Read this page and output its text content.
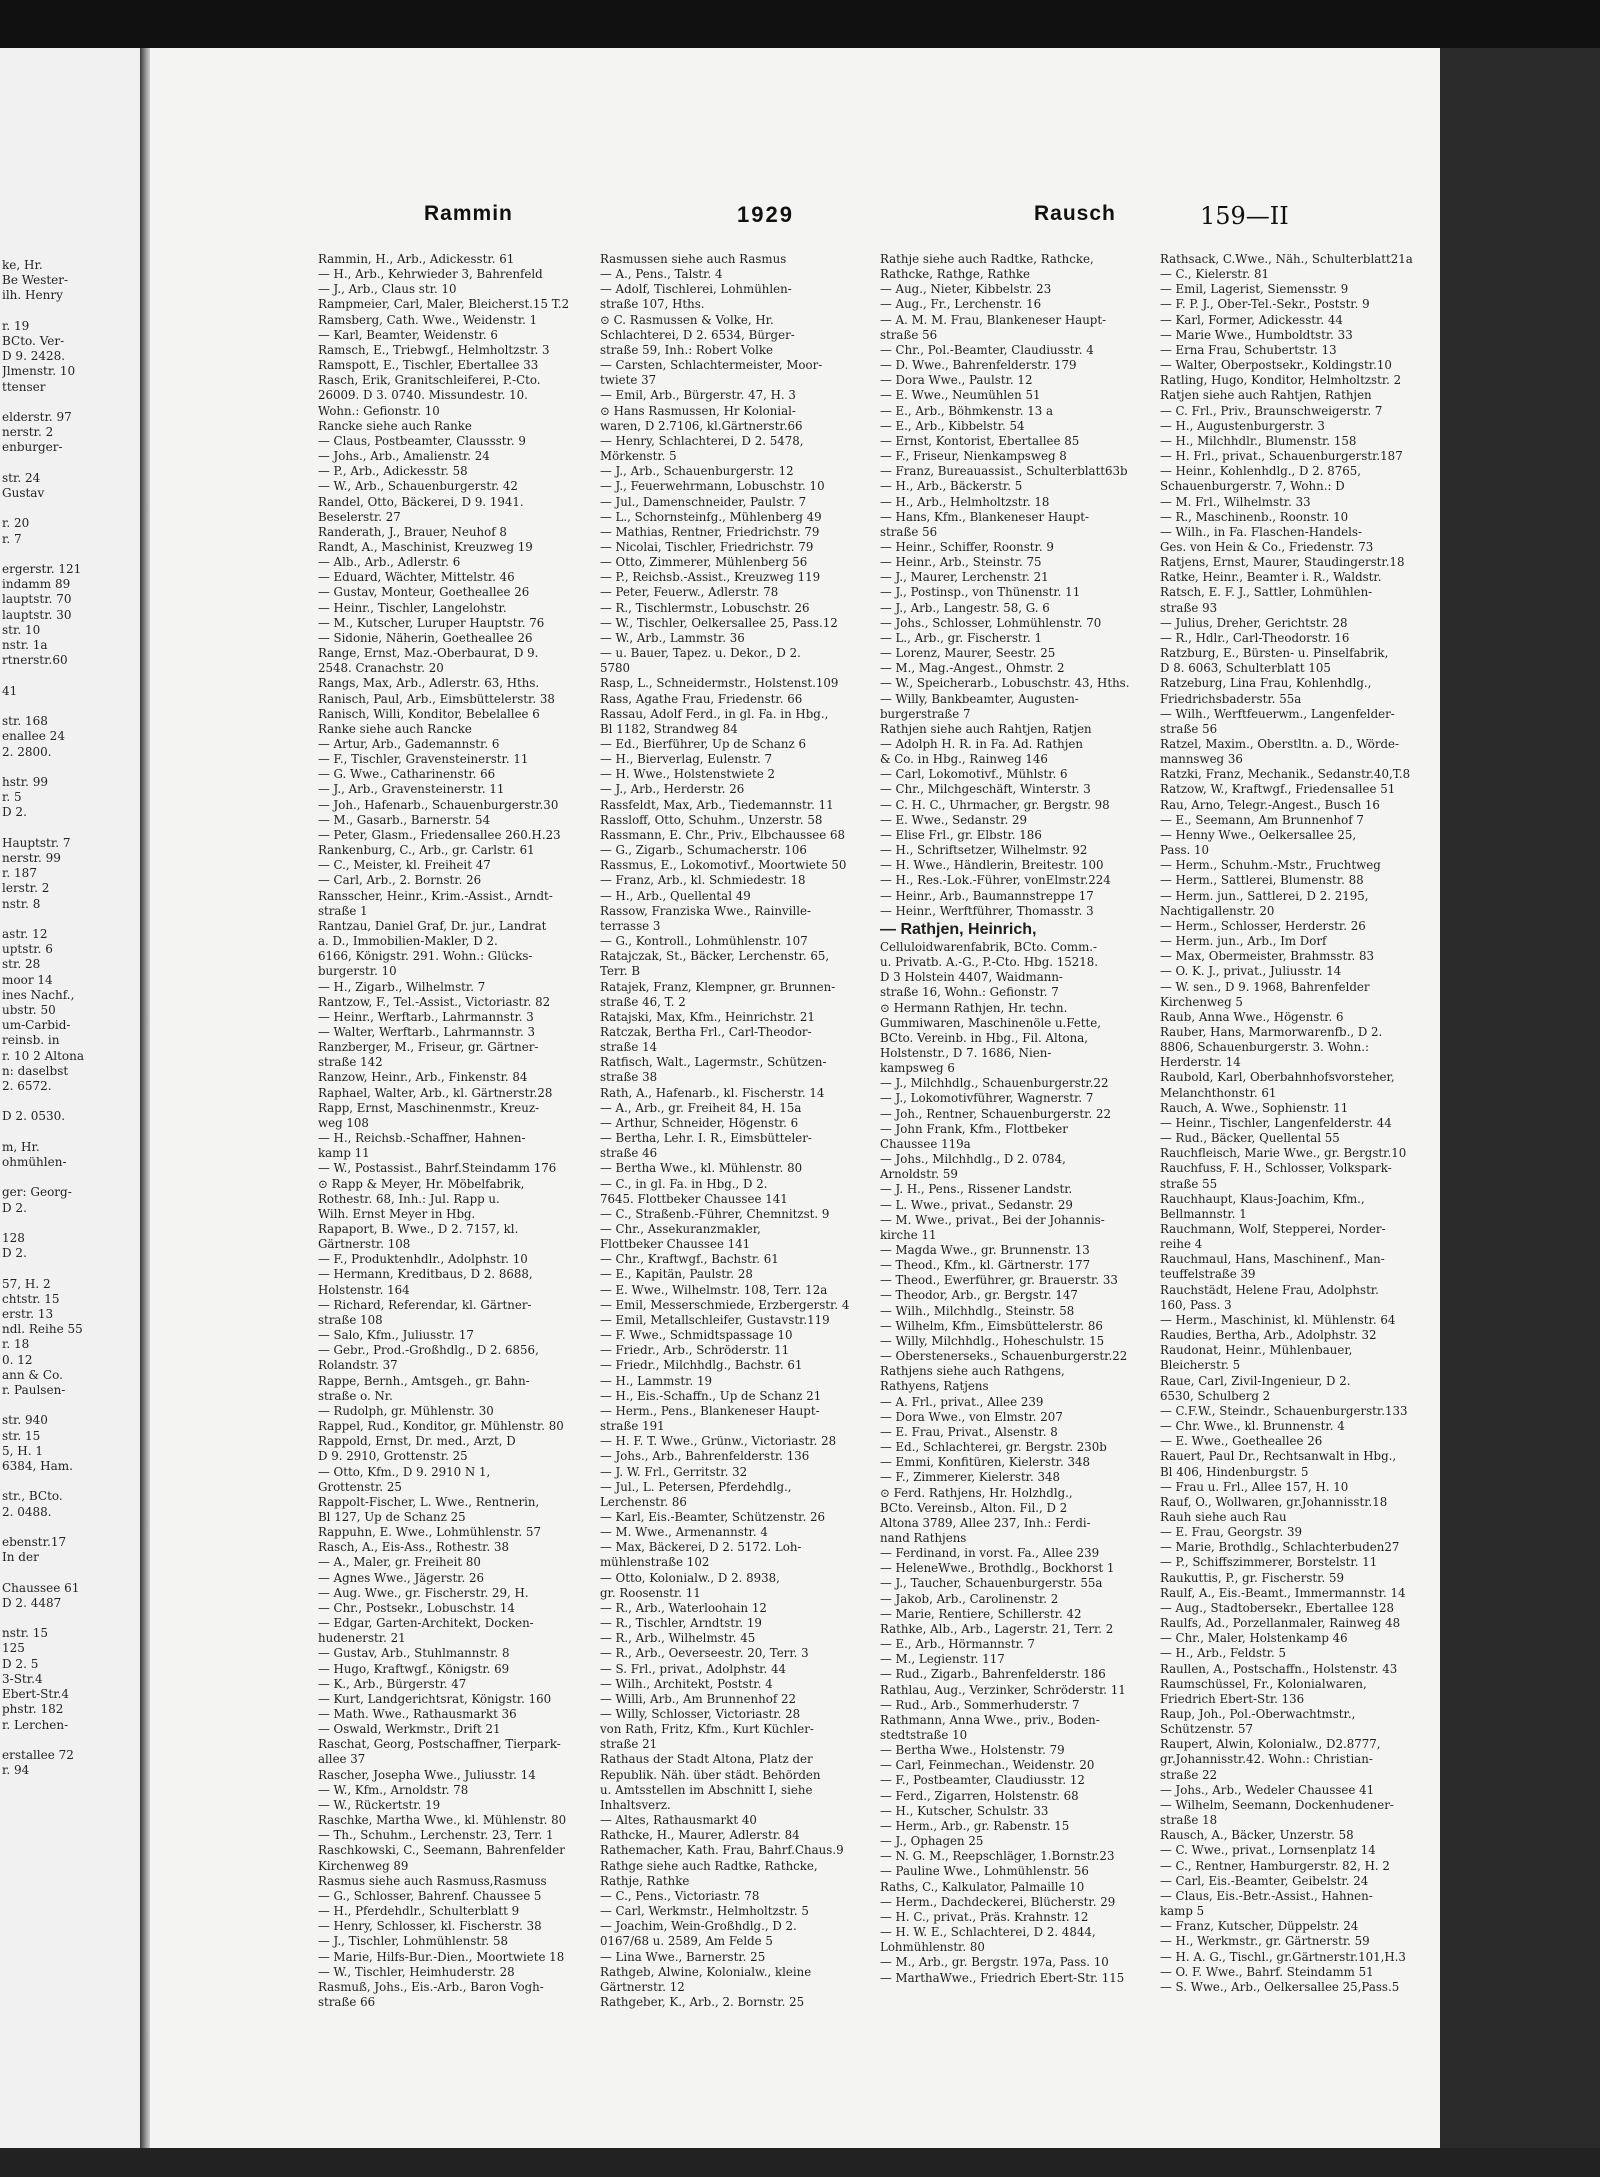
ke, Hr.
Be Wester-
ilh. Henry

r. 19
BCto. Ver-
D 9. 2428.
Jlmenstr. 10
ttenser

elderstr. 97
nerstr. 2
enburger-

str. 24
Gustav

r. 20
r. 7

ergerstr. 121
indamm 89
lauptstr. 70
lauptstr. 30
str. 10
nstr. 1a
rtnerstr.60

41

str. 168
enallee 24
2. 2800.

hstr. 99
r. 5
D 2.

Hauptstr. 7
nerstr. 99
r. 187
lerstr. 2
nstr. 8

astr. 12
uptstr. 6
str. 28
moor 14
ines Nachf.,
ubstr. 50
um-Carbid-
reinsb. in
r. 10 2 Altona
n: daselbst
2. 6572.

D 2. 0530.

m, Hr.
ohmühlen-

ger: Georg-
D 2.

128
D 2.

57, H. 2
chtstr. 15
erstr. 13
ndl. Reihe 55
r. 18
0. 12
ann & Co.
r. Paulsen-

str. 940
str. 15
5, H. 1
6384, Ham.

str., BCto.
2. 0488.

ebenstr.17
In der

Chaussee 61
D 2. 4487

nstr. 15
125
D 2. 5
3-Str.4
Ebert-Str.4
phstr. 182
r. Lerchen-

erstallee 72
r. 94
Rammin	1929	Rausch	159—II
Rammin, H., Arb., Adickesstr. 61
— H., Arb., Kehrwieder 3, Bahrenfeld
— J., Arb., Claus str. 10
Rampmeier, Carl, Maler, Bleicherst.15 T.2
Ramsberg, Cath. Wwe., Weidenstr. 1
— Karl, Beamter, Weidenstr. 6
Ramsch, E., Triebwgf., Helmholtzstr. 3
Ramspott, E., Tischler, Ebertallee 33
Rasch, Erik, Granitschleiferei, P.-Cto.
26009. D 3. 0740. Missundestr. 10.
Wohn.: Gefionstr. 10
Rancke siehe auch Ranke
— Claus, Postbeamter, Claussstr. 9
— Johs., Arb., Amalienstr. 24
— P., Arb., Adickesstr. 58
— W., Arb., Schauenburgerstr. 42
Randel, Otto, Bäckerei, D 9. 1941.
Beselerstr. 27
Randerath, J., Brauer, Neuhof 8
Randt, A., Maschinist, Kreuzweg 19
— Alb., Arb., Adlerstr. 6
— Eduard, Wächter, Mittelstr. 46
— Gustav, Monteur, Goetheallee 26
— Heinr., Tischler, Langelohstr.
— M., Kutscher, Luruper Hauptstr. 76
— Sidonie, Näherin, Goetheallee 26
Range, Ernst, Maz.-Oberbaurat, D 9.
2548. Cranachstr. 20
Rangs, Max, Arb., Adlerstr. 63, Hths.
Ranisch, Paul, Arb., Eimsbüttelerstr. 38
Ranisch, Willi, Konditor, Bebelallee 6
Ranke siehe auch Rancke
— Artur, Arb., Gademannstr. 6
— F., Tischler, Gravensteinerstr. 11
— G. Wwe., Catharinenstr. 66
— J., Arb., Gravensteinerstr. 11
— Joh., Hafenarb., Schauenburgerstr.30
— M., Gasarb., Barnerstr. 54
— Peter, Glasm., Friedensallee 260.H.23
Rankenburg, C., Arb., gr. Carlstr. 61
— C., Meister, kl. Freiheit 47
— Carl, Arb., 2. Bornstr. 26
Ransscher, Heinr., Krim.-Assist., Arndt-
straße 1
Rantzau, Daniel Graf, Dr. jur., Landrat
a. D., Immobilien-Makler, D 2.
6166, Königstr. 291. Wohn.: Glücks-
burgerstr. 10
— H., Zigarb., Wilhelmstr. 7
Rantzow, F., Tel.-Assist., Victoriastr. 82
— Heinr., Werftarb., Lahrmannstr. 3
— Walter, Werftarb., Lahrmannstr. 3
Ranzberger, M., Friseur, gr. Gärtner-
straße 142
Ranzow, Heinr., Arb., Finkenstr. 84
Raphael, Walter, Arb., kl. Gärtnerstr.28
Rapp, Ernst, Maschinenmstr., Kreuz-
weg 108
— H., Reichsb.-Schaffner, Hahnen-
kamp 11
— W., Postassist., Bahrf.Steindamm 176
⊙ Rapp & Meyer, Hr. Möbelfabrik,
Rothestr. 68, Inh.: Jul. Rapp u.
Wilh. Ernst Meyer in Hbg.
Rapaport, B. Wwe., D 2. 7157, kl.
Gärtnerstr. 108
— F., Produktenhdlr., Adolphstr. 10
— Hermann, Kreditbaus, D 2. 8688,
Holstenstr. 164
— Richard, Referendar, kl. Gärtner-
straße 108
— Salo, Kfm., Juliusstr. 17
— Gebr., Prod.-Großhdlg., D 2. 6856,
Rolandstr. 37
Rappe, Bernh., Amtsgeh., gr. Bahn-
straße o. Nr.
— Rudolph, gr. Mühlenstr. 30
Rappel, Rud., Konditor, gr. Mühlenstr. 80
Rappold, Ernst, Dr. med., Arzt, D
D 9. 2910, Grottenstr. 25
— Otto, Kfm., D 9. 2910 N 1,
Grottenstr. 25
Rappolt-Fischer, L. Wwe., Rentnerin,
Bl 127, Up de Schanz 25
Rappuhn, E. Wwe., Lohmühlenstr. 57
Rasch, A., Eis-Ass., Rothestr. 38
— A., Maler, gr. Freiheit 80
— Agnes Wwe., Jägerstr. 26
— Aug. Wwe., gr. Fischerstr. 29, H.
— Chr., Postsekr., Lobuschstr. 14
— Edgar, Garten-Architekt, Docken-
hudenerstr. 21
— Gustav, Arb., Stuhlmannstr. 8
— Hugo, Kraftwgf., Königstr. 69
— K., Arb., Bürgerstr. 47
— Kurt, Landgerichtsrat, Königstr. 160
— Math. Wwe., Rathausmarkt 36
— Oswald, Werkmstr., Drift 21
Raschat, Georg, Postschaffner, Tierpark-
allee 37
Rascher, Josepha Wwe., Juliusstr. 14
— W., Kfm., Arnoldstr. 78
— W., Rückertstr. 19
Raschke, Martha Wwe., kl. Mühlenstr. 80
— Th., Schuhm., Lerchenstr. 23, Terr. 1
Raschkowski, C., Seemann, Bahrenfelder
Kirchenweg 89
Rasmus siehe auch Rasmuss,Rasmuss
— G., Schlosser, Bahrenf. Chaussee 5
— H., Pferdehdlr., Schulterblatt 9
— Henry, Schlosser, kl. Fischerstr. 38
— J., Tischler, Lohmühlenstr. 58
— Marie, Hilfs-Bur.-Dien., Moortwiete 18
— W., Tischler, Heimhuderstr. 28
Rasmuß, Johs., Eis.-Arb., Baron Vogh-
straße 66
Rasmussen siehe auch Rasmus
— A., Pens., Talstr. 4
— Adolf, Tischlerei, Lohmühlen-
straße 107, Hths.
⊙ C. Rasmussen & Volke, Hr.
Schlachterei, D 2. 6534, Bürger-
straße 59, Inh.: Robert Volke
— Carsten, Schlachtermeister, Moor-
twiete 37
— Emil, Arb., Bürgerstr. 47, H. 3
⊙ Hans Rasmussen, Hr Kolonial-
waren, D 2.7106, kl.Gärtnerstr.66
— Henry, Schlachterei, D 2. 5478,
Mörkenstr. 5
— J., Arb., Schauenburgerstr. 12
— J., Feuerwehrmann, Lobuschstr. 10
— Jul., Damenschneider, Paulstr. 7
— L., Schornsteinfg., Mühlenberg 49
— Mathias, Rentner, Friedrichstr. 79
— Nicolai, Tischler, Friedrichstr. 79
— Otto, Zimmerer, Mühlenberg 56
— P., Reichsb.-Assist., Kreuzweg 119
— Peter, Feuerw., Adlerstr. 78
— R., Tischlermstr., Lobuschstr. 26
— W., Tischler, Oelkersallee 25, Pass.12
— W., Arb., Lammstr. 36
— u. Bauer, Tapez. u. Dekor., D 2.
5780
Rasp, L., Schneidermstr., Holstenst.109
Rass, Agathe Frau, Friedenstr. 66
Rassau, Adolf Ferd., in gl. Fa. in Hbg.,
Bl 1182, Strandweg 84
— Ed., Bierführer, Up de Schanz 6
— H., Bierverlag, Eulenstr. 7
— H. Wwe., Holstenstwiete 2
— J., Arb., Herderstr. 26
Rassfeldt, Max, Arb., Tiedemannstr. 11
Rassloff, Otto, Schuhm., Unzerstr. 58
Rassmann, E. Chr., Priv., Elbchaussee 68
— G., Zigarb., Schumacherstr. 106
Rassmus, E., Lokomotivf., Moortwiete 50
— Franz, Arb., kl. Schmiedestr. 18
— H., Arb., Quellental 49
Rassow, Franziska Wwe., Rainville-
terrasse 3
— G., Kontroll., Lohmühlenstr. 107
Ratajczak, St., Bäcker, Lerchenstr. 65,
Terr. B
Ratajek, Franz, Klempner, gr. Brunnen-
straße 46, T. 2
Ratajski, Max, Kfm., Heinrichstr. 21
Ratczak, Bertha Frl., Carl-Theodor-
straße 14
Ratfisch, Walt., Lagermstr., Schützen-
straße 38
Rath, A., Hafenarb., kl. Fischerstr. 14
— A., Arb., gr. Freiheit 84, H. 15a
— Arthur, Schneider, Högenstr. 6
— Bertha, Lehr. I. R., Eimsbütteler-
straße 46
— Bertha Wwe., kl. Mühlenstr. 80
— C., in gl. Fa. in Hbg., D 2.
7645. Flottbeker Chaussee 141
— C., Straßenb.-Führer, Chemnitzst. 9
— Chr., Assekuranzmakler,
Flottbeker Chaussee 141
— Chr., Kraftwgf., Bachstr. 61
— E., Kapitän, Paulstr. 28
— E. Wwe., Wilhelmstr. 108, Terr. 12a
— Emil, Messerschmiede, Erzbergerstr. 4
— Emil, Metallschleifer, Gustavstr.119
— F. Wwe., Schmidtspassage 10
— Friedr., Arb., Schröderstr. 11
— Friedr., Milchhdlg., Bachstr. 61
— H., Lammstr. 19
— H., Eis.-Schaffn., Up de Schanz 21
— Herm., Pens., Blankeneser Haupt-
straße 191
— H. F. T. Wwe., Grünw., Victoriastr. 28
— Johs., Arb., Bahrenfelderstr. 136
— J. W. Frl., Gerritstr. 32
— Jul., L. Petersen, Pferdehdlg.,
Lerchenstr. 86
— Karl, Eis.-Beamter, Schützenstr. 26
— M. Wwe., Armenannstr. 4
— Max, Bäckerei, D 2. 5172. Loh-
mühlenstraße 102
— Otto, Kolonialw., D 2. 8938,
gr. Roosenstr. 11
— R., Arb., Waterloohain 12
— R., Tischler, Arndtstr. 19
— R., Arb., Wilhelmstr. 45
— R., Arb., Oeverseestr. 20, Terr. 3
— S. Frl., privat., Adolphstr. 44
— Wilh., Architekt, Poststr. 4
— Willi, Arb., Am Brunnenhof 22
— Willy, Schlosser, Victoriastr. 28
von Rath, Fritz, Kfm., Kurt Küchler-
straße 21
Rathaus der Stadt Altona, Platz der
Republik. Näh. über städt. Behörden
u. Amtsstellen im Abschnitt I, siehe
Inhaltsverz.
— Altes, Rathausmarkt 40
Rathcke, H., Maurer, Adlerstr. 84
Rathemacher, Kath. Frau, Bahrf.Chaus.9
Rathge siehe auch Radtke, Rathcke,
Rathje, Rathke
— C., Pens., Victoriastr. 78
— Carl, Werkmstr., Helmholtzstr. 5
— Joachim, Wein-Großhdlg., D 2.
0167/68 u. 2589, Am Felde 5
— Lina Wwe., Barnerstr. 25
Rathgeb, Alwine, Kolonialw., kleine
Gärtnerstr. 12
Rathgeber, K., Arb., 2. Bornstr. 25
Rathje siehe auch Radtke, Rathcke,
Rathcke, Rathge, Rathke
— Aug., Nieter, Kibbelstr. 23
— Aug., Fr., Lerchenstr. 16
— A. M. M. Frau, Blankeneser Haupt-
straße 56
— Chr., Pol.-Beamter, Claudiusstr. 4
— D. Wwe., Bahrenfelderstr. 179
— Dora Wwe., Paulstr. 12
— E. Wwe., Neumühlen 51
— E., Arb., Böhmkenstr. 13 a
— E., Arb., Kibbelstr. 54
— Ernst, Kontorist, Ebertallee 85
— F., Friseur, Nienkampsweg 8
— Franz, Bureauassist., Schulterblatt63b
— H., Arb., Bäckerstr. 5
— H., Arb., Helmholtzstr. 18
— Hans, Kfm., Blankeneser Haupt-
straße 56
— Heinr., Schiffer, Roonstr. 9
— Heinr., Arb., Steinstr. 75
— J., Maurer, Lerchenstr. 21
— J., Postinsp., von Thünenstr. 11
— J., Arb., Langestr. 58, G. 6
— Johs., Schlosser, Lohmühlenstr. 70
— L., Arb., gr. Fischerstr. 1
— Lorenz, Maurer, Seestr. 25
— M., Mag.-Angest., Ohmstr. 2
— W., Speicherarb., Lobuschstr. 43, Hths.
— Willy, Bankbeamter, Augusten-
burgerstraße 7
Rathjen siehe auch Rahtjen, Ratjen
— Adolph H. R. in Fa. Ad. Rathjen
& Co. in Hbg., Rainweg 146
— Carl, Lokomotivf., Mühlstr. 6
— Chr., Milchgeschäft, Winterstr. 3
— C. H. C., Uhrmacher, gr. Bergstr. 98
— E. Wwe., Sedanstr. 29
— Elise Frl., gr. Elbstr. 186
— H., Schriftsetzer, Wilhelmstr. 92
— H. Wwe., Händlerin, Breitestr. 100
— H., Res.-Lok.-Führer, vonElmstr.224
— Heinr., Arb., Baumannstreppe 17
— Heinr., Werftführer, Thomasstr. 3
— Rathjen, Heinrich,
Celluloidwarenfabrik, BCto. Comm.-
u. Privatb. A.-G., P.-Cto. Hbg. 15218.
D 3 Holstein 4407, Waidmann-
straße 16, Wohn.: Gefionstr. 7
⊙ Hermann Rathjen, Hr. techn.
Gummiwaren, Maschinenöle u.Fette,
BCto. Vereinb. in Hbg., Fil. Altona,
Holstenstr., D 7. 1686, Nien-
kampsweg 6
— J., Milchhdlg., Schauenburgerstr.22
— J., Lokomotivführer, Wagnerstr. 7
— Joh., Rentner, Schauenburgerstr. 22
— John Frank, Kfm., Flottbeker
Chaussee 119a
— Johs., Milchhdlg., D 2. 0784,
Arnoldstr. 59
— J. H., Pens., Rissener Landstr.
— L. Wwe., privat., Sedanstr. 29
— M. Wwe., privat., Bei der Johannis-
kirche 11
— Magda Wwe., gr. Brunnenstr. 13
— Theod., Kfm., kl. Gärtnerstr. 177
— Theod., Ewerführer, gr. Brauerstr. 33
— Theodor, Arb., gr. Bergstr. 147
— Wilh., Milchhdlg., Steinstr. 58
— Wilhelm, Kfm., Eimsbüttelerstr. 86
— Willy, Milchhdlg., Hoheschulstr. 15
— Oberstenerseks., Schauenburgerstr.22
Rathjens siehe auch Rathgens,
Rathyens, Ratjens
— A. Frl., privat., Allee 239
— Dora Wwe., von Elmstr. 207
— E. Frau, Privat., Alsenstr. 8
— Ed., Schlachterei, gr. Bergstr. 230b
— Emmi, Konfitüren, Kielerstr. 348
— F., Zimmerer, Kielerstr. 348
⊙ Ferd. Rathjens, Hr. Holzhdlg.,
BCto. Vereinsb., Alton. Fil., D 2
Altona 3789, Allee 237, Inh.: Ferdi-
nand Rathjens
— Ferdinand, in vorst. Fa., Allee 239
— HeleneWwe., Brothdlg., Bockhorst 1
— J., Taucher, Schauenburgerstr. 55a
— Jakob, Arb., Carolinenstr. 2
— Marie, Rentiere, Schillerstr. 42
Rathke, Alb., Arb., Lagerstr. 21, Terr. 2
— E., Arb., Hörmannstr. 7
— M., Legienstr. 117
— Rud., Zigarb., Bahrenfelderstr. 186
Rathlau, Aug., Verzinker, Schröderstr. 11
— Rud., Arb., Sommerhuderstr. 7
Rathmann, Anna Wwe., priv., Boden-
stedtstraße 10
— Bertha Wwe., Holstenstr. 79
— Carl, Feinmechan., Weidenstr. 20
— F., Postbeamter, Claudiusstr. 12
— Ferd., Zigarren, Holstenstr. 68
— H., Kutscher, Schulstr. 33
— Herm., Arb., gr. Rabenstr. 15
— J., Ophagen 25
— N. G. M., Reepschläger, 1.Bornstr.23
— Pauline Wwe., Lohmühlenstr. 56
Raths, C., Kalkulator, Palmaille 10
— Herm., Dachdeckerei, Blücherstr. 29
— H. C., privat., Präs. Krahnstr. 12
— H. W. E., Schlachterei, D 2. 4844,
Lohmühlenstr. 80
— M., Arb., gr. Bergstr. 197a, Pass. 10
— MarthaWwe., Friedrich Ebert-Str. 115
Rathsack, C.Wwe., Näh., Schulterblatt21a
— C., Kielerstr. 81
— Emil, Lagerist, Siemensstr. 9
— F. P. J., Ober-Tel.-Sekr., Poststr. 9
— Karl, Former, Adickesstr. 44
— Marie Wwe., Humboldtstr. 33
— Erna Frau, Schubertstr. 13
— Walter, Oberpostsekr., Koldingstr.10
Ratling, Hugo, Konditor, Helmholtzstr. 2
Ratjen siehe auch Rahtjen, Rathjen
— C. Frl., Priv., Braunschweigerstr. 7
— H., Augustenburgerstr. 3
— H., Milchhdlr., Blumenstr. 158
— H. Frl., privat., Schauenburgerstr.187
— Heinr., Kohlenhdlg., D 2. 8765,
Schauenburgerstr. 7, Wohn.: D
— M. Frl., Wilhelmstr. 33
— R., Maschinenb., Roonstr. 10
— Wilh., in Fa. Flaschen-Handels-
Ges. von Hein & Co., Friedenstr. 73
Ratjens, Ernst, Maurer, Staudingerstr.18
Ratke, Heinr., Beamter i. R., Waldstr.
Ratsch, E. F. J., Sattler, Lohmühlen-
straße 93
— Julius, Dreher, Gerichtstr. 28
— R., Hdlr., Carl-Theodorstr. 16
Ratzburg, E., Bürsten- u. Pinselfabrik,
D 8. 6063, Schulterblatt 105
Ratzeburg, Lina Frau, Kohlenhdlg.,
Friedrichsbaderstr. 55a
— Wilh., Werftfeuerwm., Langenfelder-
straße 56
Ratzel, Maxim., Oberstltn. a. D., Wörde-
mannsweg 36
Ratzki, Franz, Mechanik., Sedanstr.40,T.8
Ratzow, W., Kraftwgf., Friedensallee 51
Rau, Arno, Telegr.-Angest., Busch 16
— E., Seemann, Am Brunnenhof 7
— Henny Wwe., Oelkersallee 25,
Pass. 10
— Herm., Schuhm.-Mstr., Fruchtweg
— Herm., Sattlerei, Blumenstr. 88
— Herm. jun., Sattlerei, D 2. 2195,
Nachtigallenstr. 20
— Herm., Schlosser, Herderstr. 26
— Herm. jun., Arb., Im Dorf
— Max, Obermeister, Brahmsstr. 83
— O. K. J., privat., Juliusstr. 14
— W. sen., D 9. 1968, Bahrenfelder
Kirchenweg 5
Raub, Anna Wwe., Högenstr. 6
Rauber, Hans, Marmorwarenfb., D 2.
8806, Schauenburgerstr. 3. Wohn.:
Herderstr. 14
Raubold, Karl, Oberbahnhofsvorsteher,
Melanchthonstr. 61
Rauch, A. Wwe., Sophienstr. 11
— Heinr., Tischler, Langenfelderstr. 44
— Rud., Bäcker, Quellental 55
Rauchfleisch, Marie Wwe., gr. Bergstr.10
Rauchfuss, F. H., Schlosser, Volkspark-
straße 55
Rauchhaupt, Klaus-Joachim, Kfm.,
Bellmannstr. 1
Rauchmann, Wolf, Stepperei, Norder-
reihe 4
Rauchmaul, Hans, Maschinenf., Man-
teuffelstraße 39
Rauchstädt, Helene Frau, Adolphstr.
160, Pass. 3
— Herm., Maschinist, kl. Mühlenstr. 64
Raudies, Bertha, Arb., Adolphstr. 32
Raudonat, Heinr., Mühlenbauer,
Bleicherstr. 5
Raue, Carl, Zivil-Ingenieur, D 2.
6530, Schulberg 2
— C.F.W., Steindr., Schauenburgerstr.133
— Chr. Wwe., kl. Brunnenstr. 4
— E. Wwe., Goetheallee 26
Rauert, Paul Dr., Rechtsanwalt in Hbg.,
Bl 406, Hindenburgstr. 5
— Frau u. Frl., Allee 157, H. 10
Rauf, O., Wollwaren, gr.Johannisstr.18
Rauh siehe auch Rau
— E. Frau, Georgstr. 39
— Marie, Brothdlg., Schlachterbuden27
— P., Schiffszimmerer, Borstelstr. 11
Raukuttis, P., gr. Fischerstr. 59
Raulf, A., Eis.-Beamt., Immermannstr. 14
— Aug., Stadtobersekr., Ebertallee 128
Raulfs, Ad., Porzellanmaler, Rainweg 48
— Chr., Maler, Holstenkamp 46
— H., Arb., Feldstr. 5
Raullen, A., Postschaffn., Holstenstr. 43
Raumschüssel, Fr., Kolonialwaren,
Friedrich Ebert-Str. 136
Raup, Joh., Pol.-Oberwachtmstr.,
Schützenstr. 57
Raupert, Alwin, Kolonialw., D2.8777,
gr.Johannisstr.42. Wohn.: Christian-
straße 22
— Johs., Arb., Wedeler Chaussee 41
— Wilhelm, Seemann, Dockenhudener-
straße 18
Rausch, A., Bäcker, Unzerstr. 58
— C. Wwe., privat., Lornsenplatz 14
— C., Rentner, Hamburgerstr. 82, H. 2
— Carl, Eis.-Beamter, Geibelstr. 24
— Claus, Eis.-Betr.-Assist., Hahnen-
kamp 5
— Franz, Kutscher, Düppelstr. 24
— H., Werkmstr., gr. Gärtnerstr. 59
— H. A. G., Tischl., gr.Gärtnerstr.101,H.3
— O. F. Wwe., Bahrf. Steindamm 51
— S. Wwe., Arb., Oelkersallee 25,Pass.5
